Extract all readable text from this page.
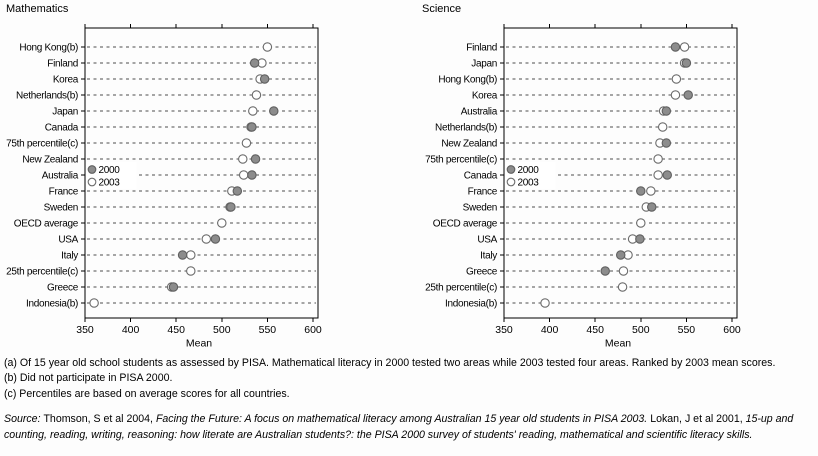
Mathematics	Science
350	400	450	500	550	600
Mean
Hong Kong(b)
Finland
Korea
Netherlands(b)
Japan
Canada
75th percentile(c)
New Zealand
Australia
France
Sweden
OECD average
USA
Italy
25th percentile(c)
Greece
Indonesia(b)
2000
2003
350	400	450	500	550	600
Mean
Finland
Japan
Hong Kong(b)
Korea
Australia
Netherlands(b)
New Zealand
75th percentile(c)
Canada
France
Sweden
OECD average
USA
Italy
Greece
25th percentile(c)
Indonesia(b)
2000
2003
(a) Of 15 year old school students as assessed by PISA. Mathematical literacy in 2000 tested two areas while 2003 tested four areas. Ranked by 2003 mean scores.
(b) Did not participate in PISA 2000.
(c) Percentiles are based on average scores for all countries.

Source: Thomson, S et al 2004, Facing the Future: A focus on mathematical literacy among Australian 15 year old students in PISA 2003. Lokan, J et al 2001, 15-up and counting, reading, writing, reasoning: how literate are Australian students?: the PISA 2000 survey of students' reading, mathematical and scientific literacy skills.
